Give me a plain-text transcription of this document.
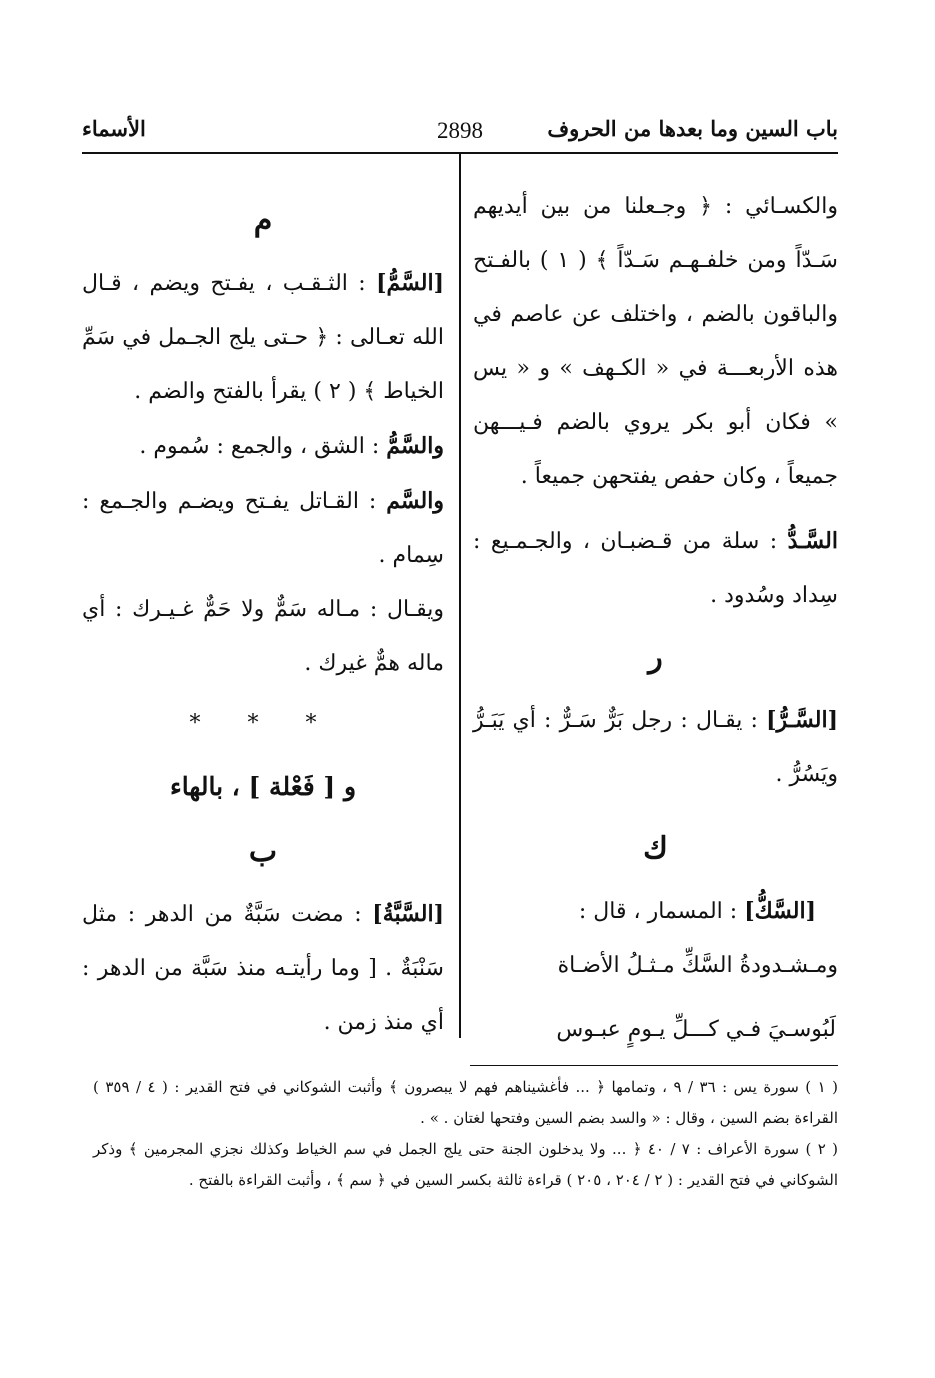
باب السين وما بعدها من الحروف
2898
الأسماء

والكسـائي : ﴿ وجـعلنا من بين أيديهم سَـدّاً ومن خلفـهـم سَـدّاً ﴾ ( ١ ) بالفـتح والباقون بالضم ، واختلف عن عاصم في هذه الأربعـــة في « الكـهف » و « يس » فكان أبو بكر يروي بالضم فـيـــهن جميعاً ، وكان حفص يفتحهن جميعاً .

السَّـدُّ : سلة من قـضبـان ، والجـمـيع : سِداد وسُدود .

ر

[السَّـرُّ] : يقـال : رجل بَرٌّ سَـرٌّ : أي يَبَـرُّ ويَسُرُّ .

ك

[السَّكُّ] : المسمار ، قال :

ومـشـدودةُ السَّكِّ مـثـلُ الأضـاة

لَبُوسـيَ فـي كـــلِّ يـومٍ عبـوس

م

[السَّمُّ] : الثـقـب ، يفـتح ويضم ، قـال الله تعـالى : ﴿ حـتى يلج الجـمل في سَمِّ الخياط ﴾ ( ٢ ) يقرأ بالفتح والضم .

والسَّمُّ : الشق ، والجمع : سُموم .

والسَّم : القـاتل يفـتح ويضـم والجـمع : سِمام .

ويقـال : مـاله سَمٌّ ولا حَمٌّ غـيـرك : أي ماله همٌّ غيرك .

* * *
و [ فَعْلة ] ، بالهاء
ب

[السَّبَّةُ] : مضت سَبَّةٌ من الدهر : مثل سَنْبَةٌ . [ وما رأيتـه منذ سَبَّة من الدهر : أي منذ زمن .

( ١ ) سورة يس : ٣٦ / ٩ ، وتمامها ﴿ ... فأغشيناهم فهم لا يبصرون ﴾ وأثبت الشوكاني في فتح القدير : ( ٤ / ٣٥٩ ) القراءة بضم السين ، وقال : « والسد بضم السين وفتحها لغتان . » .

( ٢ ) سورة الأعراف : ٧ / ٤٠ ﴿ ... ولا يدخلون الجنة حتى يلج الجمل في سم الخياط وكذلك نجزي المجرمين ﴾ وذكر الشوكاني في فتح القدير : ( ٢ / ٢٠٤ ، ٢٠٥ ) قراءة ثالثة بكسر السين في ﴿ سم ﴾ ، وأثبت القراءة بالفتح .
